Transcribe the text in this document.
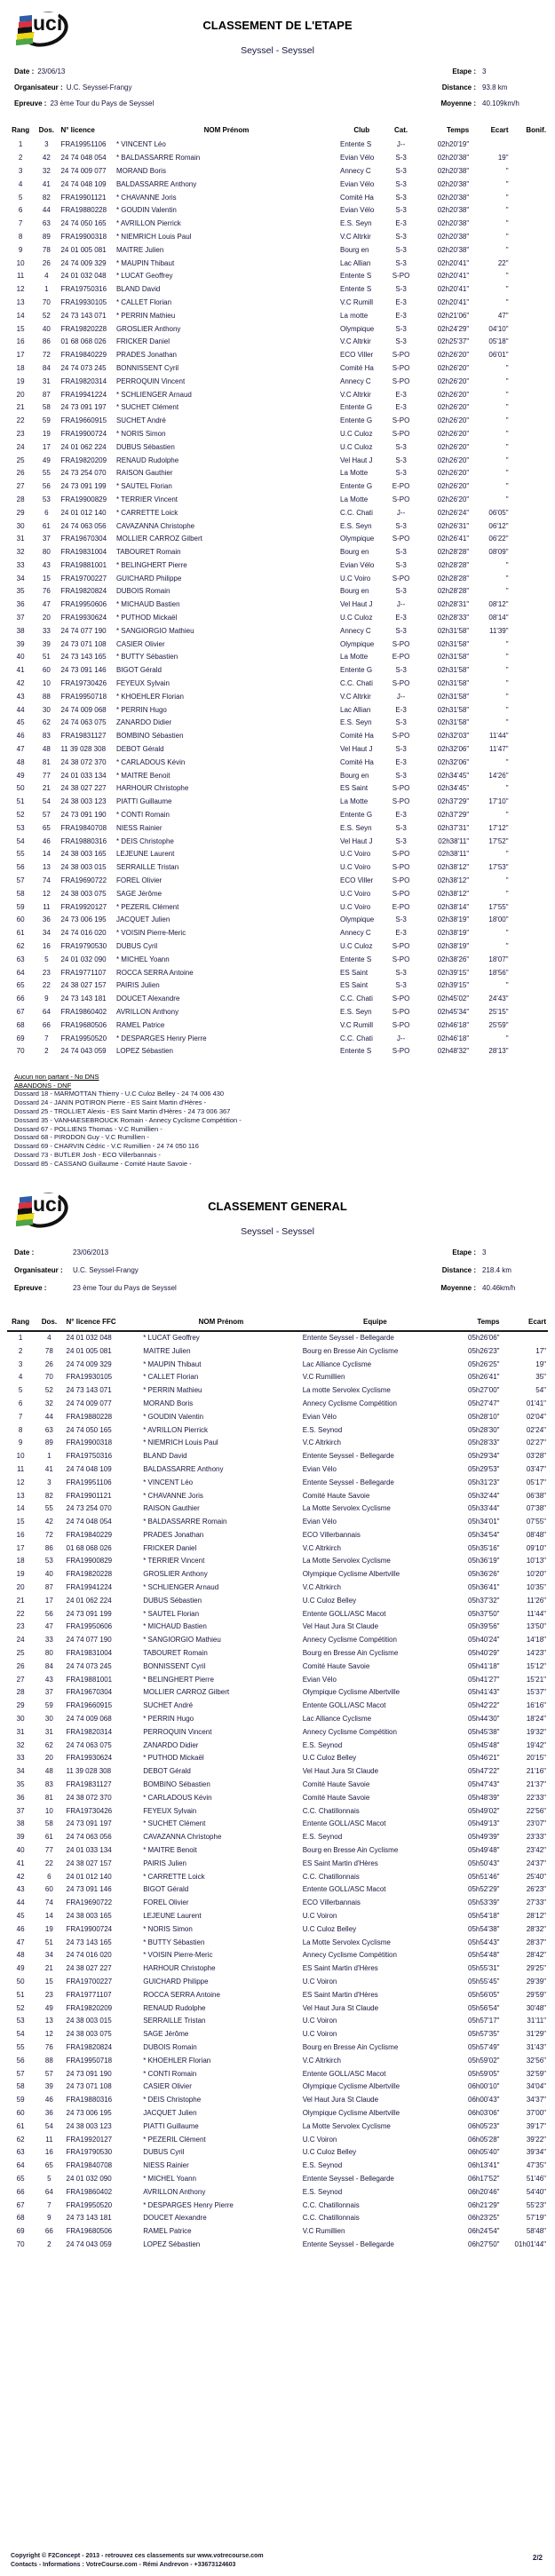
uci	CLASSEMENT DE L'ETAPE
Seyssel - Seyssel
Date : 23/06/13
Organisateur : U.C. Seyssel-Frangy
Epreuve : 23 ème Tour du Pays de Seyssel
Etape : 3
Distance : 93.8 km
Moyenne : 40.109km/h
Rang	Dos.	N° licence	NOM Prénom	Club	Cat.	Temps	Ecart	Bonif.
1	3	FRA19951106	* VINCENT Léo	Entente S	J--	02h20'19"		
2	42	24 74 048 054	* BALDASSARRE Romain	Evian Vélo	S-3	02h20'38"	19"	
3	32	24 74 009 077	MORAND Boris	Annecy C	S-3	02h20'38"	"	
4	41	24 74 048 109	BALDASSARRE Anthony	Evian Vélo	S-3	02h20'38"	"	
5	82	FRA19901121	* CHAVANNE Joris	Comité Ha	S-3	02h20'38"	"	
6	44	FRA19880228	* GOUDIN Valentin	Evian Vélo	S-3	02h20'38"	"	
7	63	24 74 050 165	* AVRILLON Pierrick	E.S. Seyn	E-3	02h20'38"	"	
8	89	FRA19900318	* NIEMRICH Louis Paul	V.C Altrkir	S-3	02h20'38"	"	
9	78	24 01 005 081	MAITRE Julien	Bourg en	S-3	02h20'38"	"	
10	26	24 74 009 329	* MAUPIN Thibaut	Lac Allian	S-3	02h20'41"	22"	
11	4	24 01 032 048	* LUCAT Geoffrey	Entente S	S-PO	02h20'41"	"	
12	1	FRA19750316	BLAND David	Entente S	S-3	02h20'41"	"	
13	70	FRA19930105	* CALLET Florian	V.C Rumill	E-3	02h20'41"	"	
14	52	24 73 143 071	* PERRIN Mathieu	La motte	E-3	02h21'06"	47"	
15	40	FRA19820228	GROSLIER Anthony	Olympique	S-3	02h24'29"	04'10"	
16	86	01 68 068 026	FRICKER Daniel	V.C Altrkir	S-3	02h25'37"	05'18"	
17	72	FRA19840229	PRADES Jonathan	ECO Viller	S-PO	02h26'20"	06'01"	
18	84	24 74 073 245	BONNISSENT Cyril	Comité Ha	S-PO	02h26'20"	"	
19	31	FRA19820314	PERROQUIN Vincent	Annecy C	S-PO	02h26'20"	"	
20	87	FRA19941224	* SCHLIENGER Arnaud	V.C Altrkir	E-3	02h26'20"	"	
21	58	24 73 091 197	* SUCHET Clément	Entente G	E-3	02h26'20"	"	
22	59	FRA19660915	SUCHET André	Entente G	S-PO	02h26'20"	"	
23	19	FRA19900724	* NORIS Simon	U.C Culoz	S-PO	02h26'20"	"	
24	17	24 01 062 224	DUBUS Sébastien	U.C Culoz	S-3	02h26'20"	"	
25	49	FRA19820209	RENAUD Rudolphe	Vel Haut J	S-3	02h26'20"	"	
26	55	24 73 254 070	RAISON Gauthier	La Motte	S-3	02h26'20"	"	
27	56	24 73 091 199	* SAUTEL Florian	Entente G	E-PO	02h26'20"	"	
28	53	FRA19900829	* TERRIER Vincent	La Motte	S-PO	02h26'20"	"	
29	6	24 01 012 140	* CARRETTE Loick	C.C. Chati	J--	02h26'24"	06'05"	
30	61	24 74 063 056	CAVAZANNA Christophe	E.S. Seyn	S-3	02h26'31"	06'12"	
31	37	FRA19670304	MOLLIER CARROZ Gilbert	Olympique	S-PO	02h26'41"	06'22"	
32	80	FRA19831004	TABOURET Romain	Bourg en	S-3	02h28'28"	08'09"	
33	43	FRA19881001	* BELINGHERT Pierre	Evian Vélo	S-3	02h28'28"	"	
34	15	FRA19700227	GUICHARD Philippe	U.C Voiro	S-PO	02h28'28"	"	
35	76	FRA19820824	DUBOIS Romain	Bourg en	S-3	02h28'28"	"	
36	47	FRA19950606	* MICHAUD Bastien	Vel Haut J	J--	02h28'31"	08'12"	
37	20	FRA19930624	* PUTHOD Mickaël	U.C Culoz	E-3	02h28'33"	08'14"	
38	33	24 74 077 190	* SANGIORGIO Mathieu	Annecy C	S-3	02h31'58"	11'39"	
39	39	24 73 071 108	CASIER Olivier	Olympique	S-PO	02h31'58"	"	
40	51	24 73 143 165	* BUTTY Sébastien	La Motte	E-PO	02h31'58"	"	
41	60	24 73 091 146	BIGOT Gérald	Entente G	S-3	02h31'58"	"	
42	10	FRA19730426	FEYEUX Sylvain	C.C. Chati	S-PO	02h31'58"	"	
43	88	FRA19950718	* KHOEHLER Florian	V.C Altrkir	J--	02h31'58"	"	
44	30	24 74 009 068	* PERRIN Hugo	Lac Allian	E-3	02h31'58"	"	
45	62	24 74 063 075	ZANARDO Didier	E.S. Seyn	S-3	02h31'58"	"	
46	83	FRA19831127	BOMBINO Sébastien	Comité Ha	S-PO	02h32'03"	11'44"	
47	48	11 39 028 308	DEBOT Gérald	Vel Haut J	S-3	02h32'06"	11'47"	
48	81	24 38 072 370	* CARLADOUS Kévin	Comité Ha	E-3	02h32'06"	"	
49	77	24 01 033 134	* MAITRE Benoit	Bourg en	S-3	02h34'45"	14'26"	
50	21	24 38 027 227	HARHOUR Christophe	ES Saint	S-PO	02h34'45"	"	
51	54	24 38 003 123	PIATTI Guillaume	La Motte	S-PO	02h37'29"	17'10"	
52	57	24 73 091 190	* CONTI Romain	Entente G	E-3	02h37'29"	"	
53	65	FRA19840708	NIESS Rainier	E.S. Seyn	S-3	02h37'31"	17'12"	
54	46	FRA19880316	* DEIS Christophe	Vel Haut J	S-3	02h38'11"	17'52"	
55	14	24 38 003 165	LEJEUNE Laurent	U.C Voiro	S-PO	02h38'11"	"	
56	13	24 38 003 015	SERRAILLE Tristan	U.C Voiro	S-PO	02h38'12"	17'53"	
57	74	FRA19690722	FOREL Olivier	ECO Viller	S-PO	02h38'12"	"	
58	12	24 38 003 075	SAGE Jérôme	U.C Voiro	S-PO	02h38'12"	"	
59	11	FRA19920127	* PEZERIL Clément	U.C Voiro	E-PO	02h38'14"	17'55"	
60	36	24 73 006 195	JACQUET Julien	Olympique	S-3	02h38'19"	18'00"	
61	34	24 74 016 020	* VOISIN Pierre-Meric	Annecy C	E-3	02h38'19"	"	
62	16	FRA19790530	DUBUS Cyril	U.C Culoz	S-PO	02h38'19"	"	
63	5	24 01 032 090	* MICHEL Yoann	Entente S	S-PO	02h38'26"	18'07"	
64	23	FRA19771107	ROCCA SERRA Antoine	ES Saint	S-3	02h39'15"	18'56"	
65	22	24 38 027 157	PAIRIS Julien	ES Saint	S-3	02h39'15"	"	
66	9	24 73 143 181	DOUCET Alexandre	C.C. Chati	S-PO	02h45'02"	24'43"	
67	64	FRA19860402	AVRILLON Anthony	E.S. Seyn	S-PO	02h45'34"	25'15"	
68	66	FRA19680506	RAMEL Patrice	V.C Rumill	S-PO	02h46'18"	25'59"	
69	7	FRA19950520	* DESPARGES Henry Pierre	C.C. Chati	J--	02h46'18"	"	
70	2	24 74 043 059	LOPEZ Sébastien	Entente S	S-PO	02h48'32"	28'13"	
Aucun non partant - No DNS
ABANDONS - DNF
Dossard 18 - MARMOTTAN Thierry - U.C Culoz Belley - 24 74 006 430
Dossard 24 - JANIN POTIRON Pierre - ES Saint Martin d'Hères -
Dossard 25 - TROLLIET Alexis - ES Saint Martin d'Hères - 24 73 006 367
Dossard 35 - VANHAESEBROUCK Romain - Annecy Cyclisme Compétition -
Dossard 67 - POLLIENS Thomas - V.C Rumillien -
Dossard 68 - PIRODON Guy - V.C Rumillien -
Dossard 69 - CHARVIN Cédric - V.C Rumillien - 24 74 050 116
Dossard 73 - BUTLER Josh - ECO Villerbannais -
Dossard 85 - CASSANO Guillaume - Comité Haute Savoie -
uci	CLASSEMENT GENERAL
Seyssel - Seyssel
Date :	23/06/2013
Organisateur : U.C. Seyssel-Frangy
Epreuve :	23 ème Tour du Pays de Seyssel
Etape : 3
Distance : 218.4 km
Moyenne : 40.46km/h
Rang	Dos.	N° licence FFC	NOM Prénom	Equipe	Temps	Ecart
1	4	24 01 032 048	* LUCAT Geoffrey	Entente Seyssel - Bellegarde	05h26'06"	
2	78	24 01 005 081	MAITRE Julien	Bourg en Bresse Ain Cyclisme	05h26'23"	17"
3	26	24 74 009 329	* MAUPIN Thibaut	Lac Alliance Cyclisme	05h26'25"	19"
4	70	FRA19930105	* CALLET Florian	V.C Rumillien	05h26'41"	35"
5	52	24 73 143 071	* PERRIN Mathieu	La motte Servolex Cyclisme	05h27'00"	54"
6	32	24 74 009 077	MORAND Boris	Annecy Cyclisme Compétition	05h27'47"	01'41"
7	44	FRA19880228	* GOUDIN Valentin	Evian Vélo	05h28'10"	02'04"
8	63	24 74 050 165	* AVRILLON Pierrick	E.S. Seynod	05h28'30"	02'24"
9	89	FRA19900318	* NIEMRICH Louis Paul	V.C Altrkirch	05h28'33"	02'27"
10	1	FRA19750316	BLAND David	Entente Seyssel - Bellegarde	05h29'34"	03'28"
11	41	24 74 048 109	BALDASSARRE Anthony	Evian Vélo	05h29'53"	03'47"
12	3	FRA19951106	* VINCENT Léo	Entente Seyssel - Bellegarde	05h31'23"	05'17"
13	82	FRA19901121	* CHAVANNE Joris	Comité Haute Savoie	05h32'44"	06'38"
14	55	24 73 254 070	RAISON Gauthier	La Motte Servolex Cyclisme	05h33'44"	07'38"
15	42	24 74 048 054	* BALDASSARRE Romain	Evian Vélo	05h34'01"	07'55"
16	72	FRA19840229	PRADES Jonathan	ECO Villerbannais	05h34'54"	08'48"
17	86	01 68 068 026	FRICKER Daniel	V.C Altrkirch	05h35'16"	09'10"
18	53	FRA19900829	* TERRIER Vincent	La Motte Servolex Cyclisme	05h36'19"	10'13"
19	40	FRA19820228	GROSLIER Anthony	Olympique Cyclisme Albertville	05h36'26"	10'20"
20	87	FRA19941224	* SCHLIENGER Arnaud	V.C Altrkirch	05h36'41"	10'35"
21	17	24 01 062 224	DUBUS Sébastien	U.C Culoz Belley	05h37'32"	11'26"
22	56	24 73 091 199	* SAUTEL Florian	Entente GOLL/ASC Macot	05h37'50"	11'44"
23	47	FRA19950606	* MICHAUD Bastien	Vel Haut Jura St Claude	05h39'56"	13'50"
24	33	24 74 077 190	* SANGIORGIO Mathieu	Annecy Cyclisme Compétition	05h40'24"	14'18"
25	80	FRA19831004	TABOURET Romain	Bourg en Bresse Ain Cyclisme	05h40'29"	14'23"
26	84	24 74 073 245	BONNISSENT Cyril	Comité Haute Savoie	05h41'18"	15'12"
27	43	FRA19881001	* BELINGHERT Pierre	Evian Vélo	05h41'27"	15'21"
28	37	FRA19670304	MOLLIER CARROZ Gilbert	Olympique Cyclisme Albertville	05h41'43"	15'37"
29	59	FRA19660915	SUCHET André	Entente GOLL/ASC Macot	05h42'22"	16'16"
30	30	24 74 009 068	* PERRIN Hugo	Lac Alliance Cyclisme	05h44'30"	18'24"
31	31	FRA19820314	PERROQUIN Vincent	Annecy Cyclisme Compétition	05h45'38"	19'32"
32	62	24 74 063 075	ZANARDO Didier	E.S. Seynod	05h45'48"	19'42"
33	20	FRA19930624	* PUTHOD Mickaël	U.C Culoz Belley	05h46'21"	20'15"
34	48	11 39 028 308	DEBOT Gérald	Vel Haut Jura St Claude	05h47'22"	21'16"
35	83	FRA19831127	BOMBINO Sébastien	Comité Haute Savoie	05h47'43"	21'37"
36	81	24 38 072 370	* CARLADOUS Kévin	Comité Haute Savoie	05h48'39"	22'33"
37	10	FRA19730426	FEYEUX Sylvain	C.C. Chatillonnais	05h49'02"	22'56"
38	58	24 73 091 197	* SUCHET Clément	Entente GOLL/ASC Macot	05h49'13"	23'07"
39	61	24 74 063 056	CAVAZANNA Christophe	E.S. Seynod	05h49'39"	23'33"
40	77	24 01 033 134	* MAITRE Benoit	Bourg en Bresse Ain Cyclisme	05h49'48"	23'42"
41	22	24 38 027 157	PAIRIS Julien	ES Saint Martin d'Hères	05h50'43"	24'37"
42	6	24 01 012 140	* CARRETTE Loick	C.C. Chatillonnais	05h51'46"	25'40"
43	60	24 73 091 146	BIGOT Gérald	Entente GOLL/ASC Macot	05h52'29"	26'23"
44	74	FRA19690722	FOREL Olivier	ECO Villerbannais	05h53'39"	27'33"
45	14	24 38 003 165	LEJEUNE Laurent	U.C Voiron	05h54'18"	28'12"
46	19	FRA19900724	* NORIS Simon	U.C Culoz Belley	05h54'38"	28'32"
47	51	24 73 143 165	* BUTTY Sébastien	La Motte Servolex Cyclisme	05h54'43"	28'37"
48	34	24 74 016 020	* VOISIN Pierre-Meric	Annecy Cyclisme Compétition	05h54'48"	28'42"
49	21	24 38 027 227	HARHOUR Christophe	ES Saint Martin d'Hères	05h55'31"	29'25"
50	15	FRA19700227	GUICHARD Philippe	U.C Voiron	05h55'45"	29'39"
51	23	FRA19771107	ROCCA SERRA Antoine	ES Saint Martin d'Hères	05h56'05"	29'59"
52	49	FRA19820209	RENAUD Rudolphe	Vel Haut Jura St Claude	05h56'54"	30'48"
53	13	24 38 003 015	SERRAILLE Tristan	U.C Voiron	05h57'17"	31'11"
54	12	24 38 003 075	SAGE Jérôme	U.C Voiron	05h57'35"	31'29"
55	76	FRA19820824	DUBOIS Romain	Bourg en Bresse Ain Cyclisme	05h57'49"	31'43"
56	88	FRA19950718	* KHOEHLER Florian	V.C Altrkirch	05h59'02"	32'56"
57	57	24 73 091 190	* CONTI Romain	Entente GOLL/ASC Macot	05h59'05"	32'59"
58	39	24 73 071 108	CASIER Olivier	Olympique Cyclisme Albertville	06h00'10"	34'04"
59	46	FRA19880316	* DEIS Christophe	Vel Haut Jura St Claude	06h00'43"	34'37"
60	36	24 73 006 195	JACQUET Julien	Olympique Cyclisme Albertville	06h03'06"	37'00"
61	54	24 38 003 123	PIATTI Guillaume	La Motte Servolex Cyclisme	06h05'23"	39'17"
62	11	FRA19920127	* PEZERIL Clément	U.C Voiron	06h05'28"	39'22"
63	16	FRA19790530	DUBUS Cyril	U.C Culoz Belley	06h05'40"	39'34"
64	65	FRA19840708	NIESS Rainier	E.S. Seynod	06h13'41"	47'35"
65	5	24 01 032 090	* MICHEL Yoann	Entente Seyssel - Bellegarde	06h17'52"	51'46"
66	64	FRA19860402	AVRILLON Anthony	E.S. Seynod	06h20'46"	54'40"
67	7	FRA19950520	* DESPARGES Henry Pierre	C.C. Chatillonnais	06h21'29"	55'23"
68	9	24 73 143 181	DOUCET Alexandre	C.C. Chatillonnais	06h23'25"	57'19"
69	66	FRA19680506	RAMEL Patrice	V.C Rumillien	06h24'54"	58'48"
70	2	24 74 043 059	LOPEZ Sébastien	Entente Seyssel - Bellegarde	06h27'50"	01h01'44"
Copyright © F2Concept - 2013 - retrouvez ces classements sur www.votrecourse.com
Contacts - Informations : VotreCourse.com - Rémi Andrevon - +33673124603
2/2
